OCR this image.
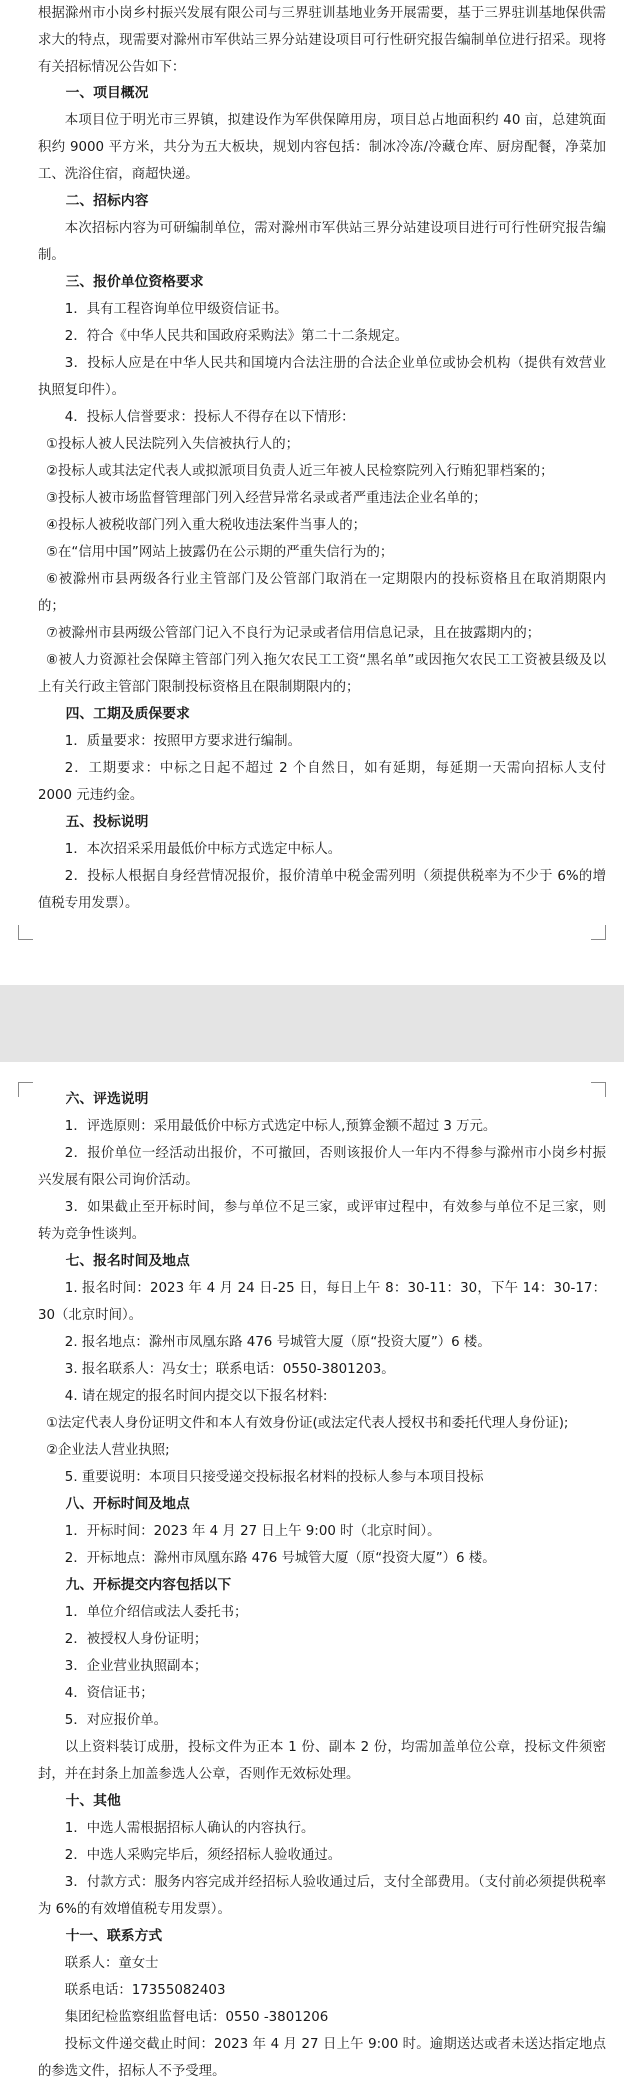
根据滁州市小岗乡村振兴发展有限公司与三界驻训基地业务开展需要，基于三界驻训基地保供需求大的特点，现需要对滁州市军供站三界分站建设项目可行性研究报告编制单位进行招采。现将有关招标情况公告如下：

一、项目概况

本项目位于明光市三界镇，拟建设作为军供保障用房，项目总占地面积约 40 亩，总建筑面积约 9000 平方米，共分为五大板块，规划内容包括：制冰冷冻/冷藏仓库、厨房配餐，净菜加工、洗浴住宿，商超快递。

二、招标内容

本次招标内容为可研编制单位，需对滁州市军供站三界分站建设项目进行可行性研究报告编制。

三、报价单位资格要求

1．具有工程咨询单位甲级资信证书。

2．符合《中华人民共和国政府采购法》第二十二条规定。

3．投标人应是在中华人民共和国境内合法注册的合法企业单位或协会机构（提供有效营业执照复印件）。

4．投标人信誉要求：投标人不得存在以下情形：

①投标人被人民法院列入失信被执行人的；

②投标人或其法定代表人或拟派项目负责人近三年被人民检察院列入行贿犯罪档案的；

③投标人被市场监督管理部门列入经营异常名录或者严重违法企业名单的；

④投标人被税收部门列入重大税收违法案件当事人的；

⑤在“信用中国”网站上披露仍在公示期的严重失信行为的；

⑥被滁州市县两级各行业主管部门及公管部门取消在一定期限内的投标资格且在取消期限内的；

⑦被滁州市县两级公管部门记入不良行为记录或者信用信息记录，且在披露期内的；

⑧被人力资源社会保障主管部门列入拖欠农民工工资“黑名单”或因拖欠农民工工资被县级及以上有关行政主管部门限制投标资格且在限制期限内的；

四、工期及质保要求

1．质量要求：按照甲方要求进行编制。

2．工期要求：中标之日起不超过 2 个自然日，如有延期，每延期一天需向招标人支付 2000 元违约金。

五、投标说明

1．本次招采采用最低价中标方式选定中标人。

2．投标人根据自身经营情况报价，报价清单中税金需列明（须提供税率为不少于 6%的增值税专用发票）。

六、评选说明

1．评选原则：采用最低价中标方式选定中标人,预算金额不超过 3 万元。

2．报价单位一经活动出报价，不可撤回，否则该报价人一年内不得参与滁州市小岗乡村振兴发展有限公司询价活动。

3．如果截止至开标时间，参与单位不足三家，或评审过程中，有效参与单位不足三家，则转为竞争性谈判。

七、报名时间及地点

1. 报名时间：2023 年 4 月 24 日-25 日，每日上午 8：30-11：30，下午 14：30-17：30（北京时间）。

2. 报名地点：滁州市凤凰东路 476 号城管大厦（原“投资大厦”）6 楼。

3. 报名联系人：冯女士；联系电话：0550-3801203。

4. 请在规定的报名时间内提交以下报名材料:

①法定代表人身份证明文件和本人有效身份证(或法定代表人授权书和委托代理人身份证);

②企业法人营业执照;

5. 重要说明：本项目只接受递交投标报名材料的投标人参与本项目投标

八、开标时间及地点

1．开标时间：2023 年 4 月 27 日上午 9:00 时（北京时间）。

2．开标地点：滁州市凤凰东路 476 号城管大厦（原“投资大厦”）6 楼。

九、开标提交内容包括以下

1．单位介绍信或法人委托书；

2．被授权人身份证明；

3．企业营业执照副本；

4．资信证书；

5．对应报价单。

以上资料装订成册，投标文件为正本 1 份、副本 2 份，均需加盖单位公章，投标文件须密封，并在封条上加盖参选人公章，否则作无效标处理。

十、其他

1．中选人需根据招标人确认的内容执行。

2．中选人采购完毕后，须经招标人验收通过。

3．付款方式：服务内容完成并经招标人验收通过后，支付全部费用。（支付前必须提供税率为 6%的有效增值税专用发票）。

十一、联系方式

联系人：童女士

联系电话：17355082403

集团纪检监察组监督电话：0550 -3801206

投标文件递交截止时间：2023 年 4 月 27 日上午 9:00 时。逾期送达或者未送达指定地点的参选文件，招标人不予受理。
